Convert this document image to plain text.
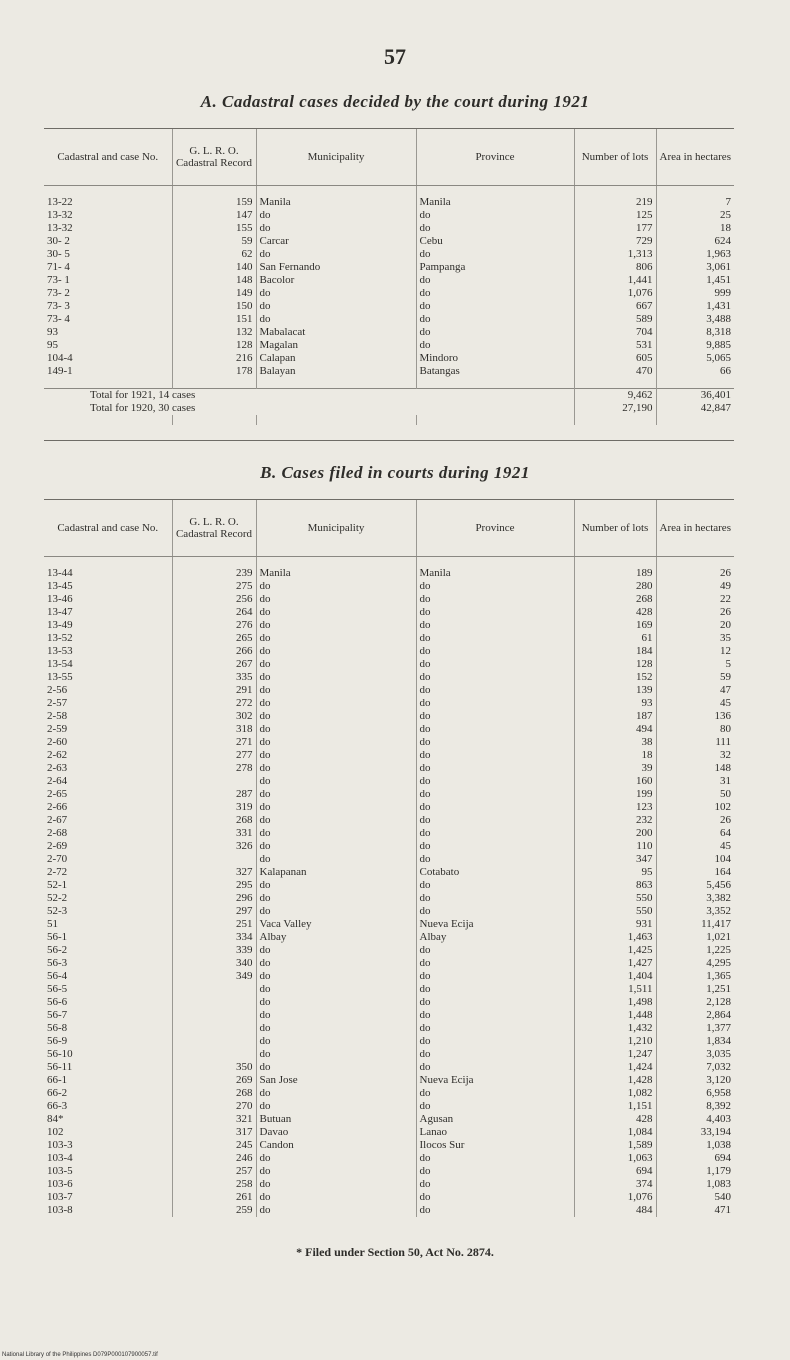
57
A. Cadastral cases decided by the court during 1921
Cadastral and case No.	G. L. R. O. Cadastral Record	Municipality	Province	Number of lots	Area in hectares

13-22	159	Manila	Manila	219	7
13-32	147	do	do	125	25
13-32	155	do	do	177	18
30- 2	59	Carcar	Cebu	729	624
30- 5	62	do	do	1,313	1,963
71- 4	140	San Fernando	Pampanga	806	3,061
73- 1	148	Bacolor	do	1,441	1,451
73- 2	149	do	do	1,076	999
73- 3	150	do	do	667	1,431
73- 4	151	do	do	589	3,488
93	132	Mabalacat	do	704	8,318
95	128	Magalan	do	531	9,885
104-4	216	Calapan	Mindoro	605	5,065
149-1	178	Balayan	Batangas	470	66

Total for 1921, 14 cases				9,462	36,401
Total for 1920, 30 cases				27,190	42,847

B. Cases filed in courts during 1921
Cadastral and case No.	G. L. R. O. Cadastral Record	Municipality	Province	Number of lots	Area in hectares

13-44	239	Manila	Manila	189	26
13-45	275	do	do	280	49
13-46	256	do	do	268	22
13-47	264	do	do	428	26
13-49	276	do	do	169	20
13-52	265	do	do	61	35
13-53	266	do	do	184	12
13-54	267	do	do	128	5
13-55	335	do	do	152	59
2-56	291	do	do	139	47
2-57	272	do	do	93	45
2-58	302	do	do	187	136
2-59	318	do	do	494	80
2-60	271	do	do	38	111
2-62	277	do	do	18	32
2-63	278	do	do	39	148
2-64		do	do	160	31
2-65	287	do	do	199	50
2-66	319	do	do	123	102
2-67	268	do	do	232	26
2-68	331	do	do	200	64
2-69	326	do	do	110	45
2-70		do	do	347	104
2-72	327	Kalapanan	Cotabato	95	164
52-1	295	do	do	863	5,456
52-2	296	do	do	550	3,382
52-3	297	do	do	550	3,352
51	251	Vaca Valley	Nueva Ecija	931	11,417
56-1	334	Albay	Albay	1,463	1,021
56-2	339	do	do	1,425	1,225
56-3	340	do	do	1,427	4,295
56-4	349	do	do	1,404	1,365
56-5		do	do	1,511	1,251
56-6		do	do	1,498	2,128
56-7		do	do	1,448	2,864
56-8		do	do	1,432	1,377
56-9		do	do	1,210	1,834
56-10		do	do	1,247	3,035
56-11	350	do	do	1,424	7,032
66-1	269	San Jose	Nueva Ecija	1,428	3,120
66-2	268	do	do	1,082	6,958
66-3	270	do	do	1,151	8,392
84*	321	Butuan	Agusan	428	4,403
102	317	Davao	Lanao	1,084	33,194
103-3	245	Candon	Ilocos Sur	1,589	1,038
103-4	246	do	do	1,063	694
103-5	257	do	do	694	1,179
103-6	258	do	do	374	1,083
103-7	261	do	do	1,076	540
103-8	259	do	do	484	471
* Filed under Section 50, Act No. 2874.
National Library of the Philippines D079P000107900057.tif
